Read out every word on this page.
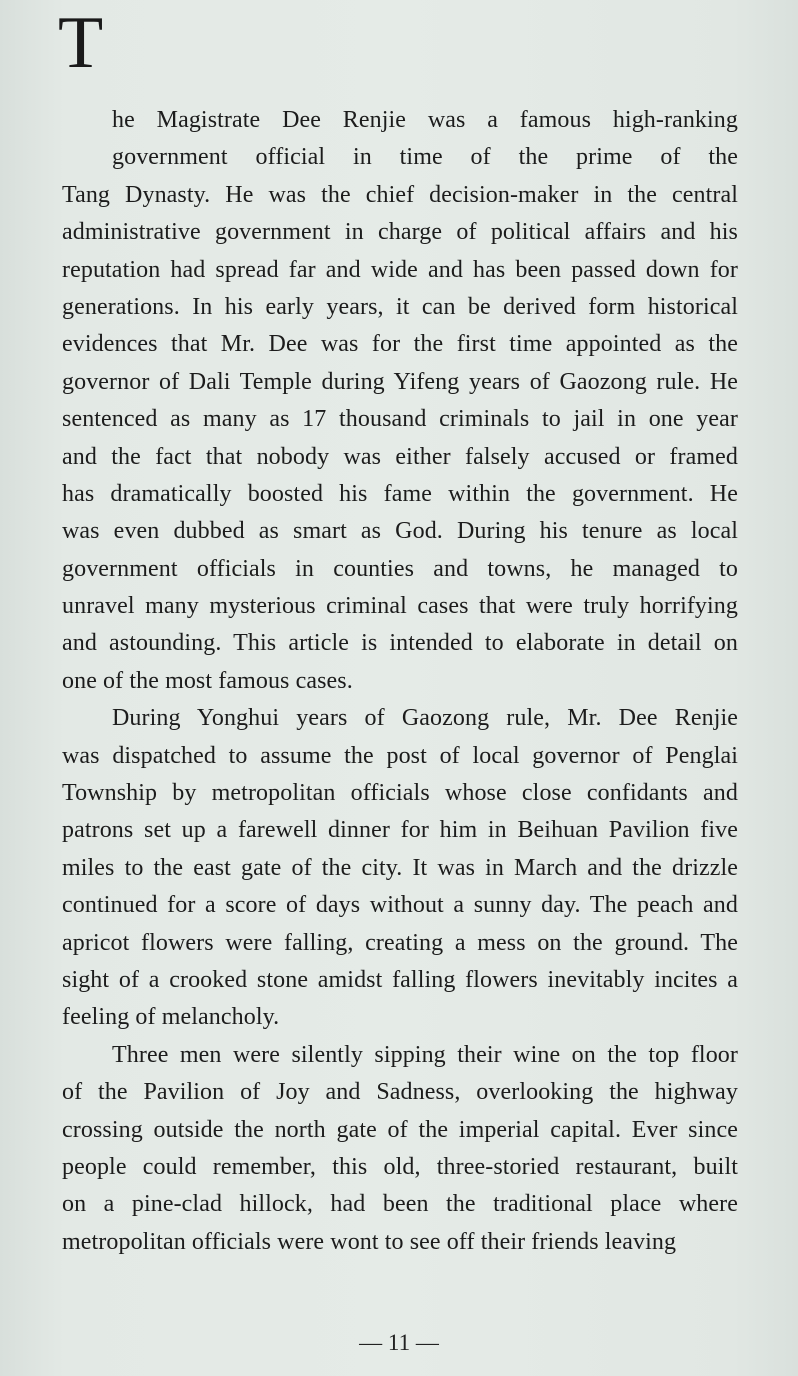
T
he Magistrate Dee Renjie was a famous high-ranking
government official in time of the prime of the
Tang Dynasty. He was the chief decision-maker in the central
administrative government in charge of political affairs and his
reputation had spread far and wide and has been passed down for
generations. In his early years, it can be derived form historical
evidences that Mr. Dee was for the first time appointed as the
governor of Dali Temple during Yifeng years of Gaozong rule. He
sentenced as many as 17 thousand criminals to jail in one year
and the fact that nobody was either falsely accused or framed
has dramatically boosted his fame within the government. He
was even dubbed as smart as God. During his tenure as local
government officials in counties and towns, he managed to
unravel many mysterious criminal cases that were truly horrifying
and astounding. This article is intended to elaborate in detail on
one of the most famous cases.
During Yonghui years of Gaozong rule, Mr. Dee Renjie
was dispatched to assume the post of local governor of Penglai
Township by metropolitan officials whose close confidants and
patrons set up a farewell dinner for him in Beihuan Pavilion five
miles to the east gate of the city. It was in March and the drizzle
continued for a score of days without a sunny day. The peach and
apricot flowers were falling, creating a mess on the ground. The
sight of a crooked stone amidst falling flowers inevitably incites a
feeling of melancholy.
Three men were silently sipping their wine on the top floor
of the Pavilion of Joy and Sadness, overlooking the highway
crossing outside the north gate of the imperial capital. Ever since
people could remember, this old, three-storied restaurant, built
on a pine-clad hillock, had been the traditional place where
metropolitan officials were wont to see off their friends leaving
— 11 —
